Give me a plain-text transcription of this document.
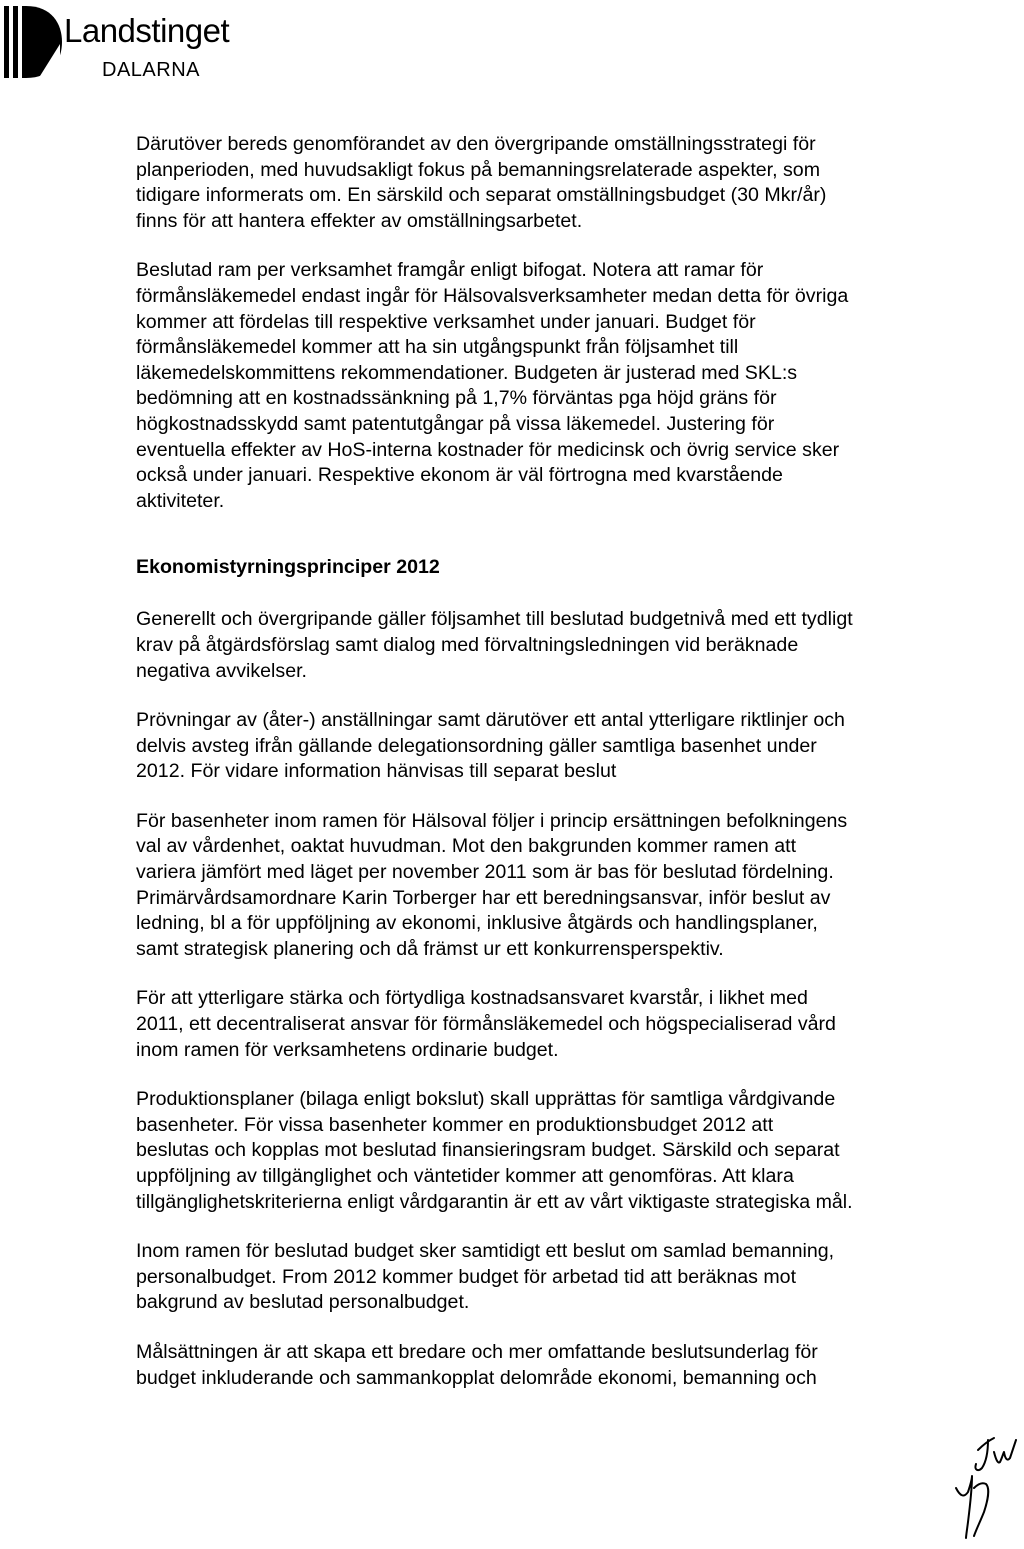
Landstinget
DALARNA

Därutöver bereds genomförandet av den övergripande omställningsstrategi för
planperioden, med huvudsakligt fokus på bemanningsrelaterade aspekter, som
tidigare informerats om. En särskild och separat omställningsbudget (30 Mkr/år)
finns för att hantera effekter av omställningsarbetet.

Beslutad ram per verksamhet framgår enligt bifogat. Notera att ramar för
förmånsläkemedel endast ingår för Hälsovalsverksamheter medan detta för övriga
kommer att fördelas till respektive verksamhet under januari. Budget för
förmånsläkemedel kommer att ha sin utgångspunkt från följsamhet till
läkemedelskommittens rekommendationer. Budgeten är justerad med SKL:s
bedömning att en kostnadssänkning på 1,7% förväntas pga höjd gräns för
högkostnadsskydd samt patentutgångar på vissa läkemedel. Justering för
eventuella effekter av HoS-interna kostnader för medicinsk och övrig service sker
också under januari. Respektive ekonom är väl förtrogna med kvarstående
aktiviteter.

Ekonomistyrningsprinciper 2012

Generellt och övergripande gäller följsamhet till beslutad budgetnivå med ett tydligt
krav på åtgärdsförslag samt dialog med förvaltningsledningen vid beräknade
negativa avvikelser.

Prövningar av (åter-) anställningar samt därutöver ett antal ytterligare riktlinjer och
delvis avsteg ifrån gällande delegationsordning gäller samtliga basenhet under
2012. För vidare information hänvisas till separat beslut

För basenheter inom ramen för Hälsoval följer i princip ersättningen befolkningens
val av vårdenhet, oaktat huvudman. Mot den bakgrunden kommer ramen att
variera jämfört med läget per november 2011 som är bas för beslutad fördelning.
Primärvårdsamordnare Karin Torberger har ett beredningsansvar, inför beslut av
ledning, bl a för uppföljning av ekonomi, inklusive åtgärds och handlingsplaner,
samt strategisk planering och då främst ur ett konkurrensperspektiv.

För att ytterligare stärka och förtydliga kostnadsansvaret kvarstår, i likhet med
2011, ett decentraliserat ansvar för förmånsläkemedel och högspecialiserad vård
inom ramen för verksamhetens ordinarie budget.

Produktionsplaner (bilaga enligt bokslut) skall upprättas för samtliga vårdgivande
basenheter. För vissa basenheter kommer en produktionsbudget 2012 att
beslutas och kopplas mot beslutad finansieringsram budget. Särskild och separat
uppföljning av tillgänglighet och väntetider kommer att genomföras. Att klara
tillgänglighetskriterierna enligt vårdgarantin är ett av vårt viktigaste strategiska mål.

Inom ramen för beslutad budget sker samtidigt ett beslut om samlad bemanning,
personalbudget. From 2012 kommer budget för arbetad tid att beräknas mot
bakgrund av beslutad personalbudget.

Målsättningen är att skapa ett bredare och mer omfattande beslutsunderlag för
budget inkluderande och sammankopplat delområde ekonomi, bemanning och
